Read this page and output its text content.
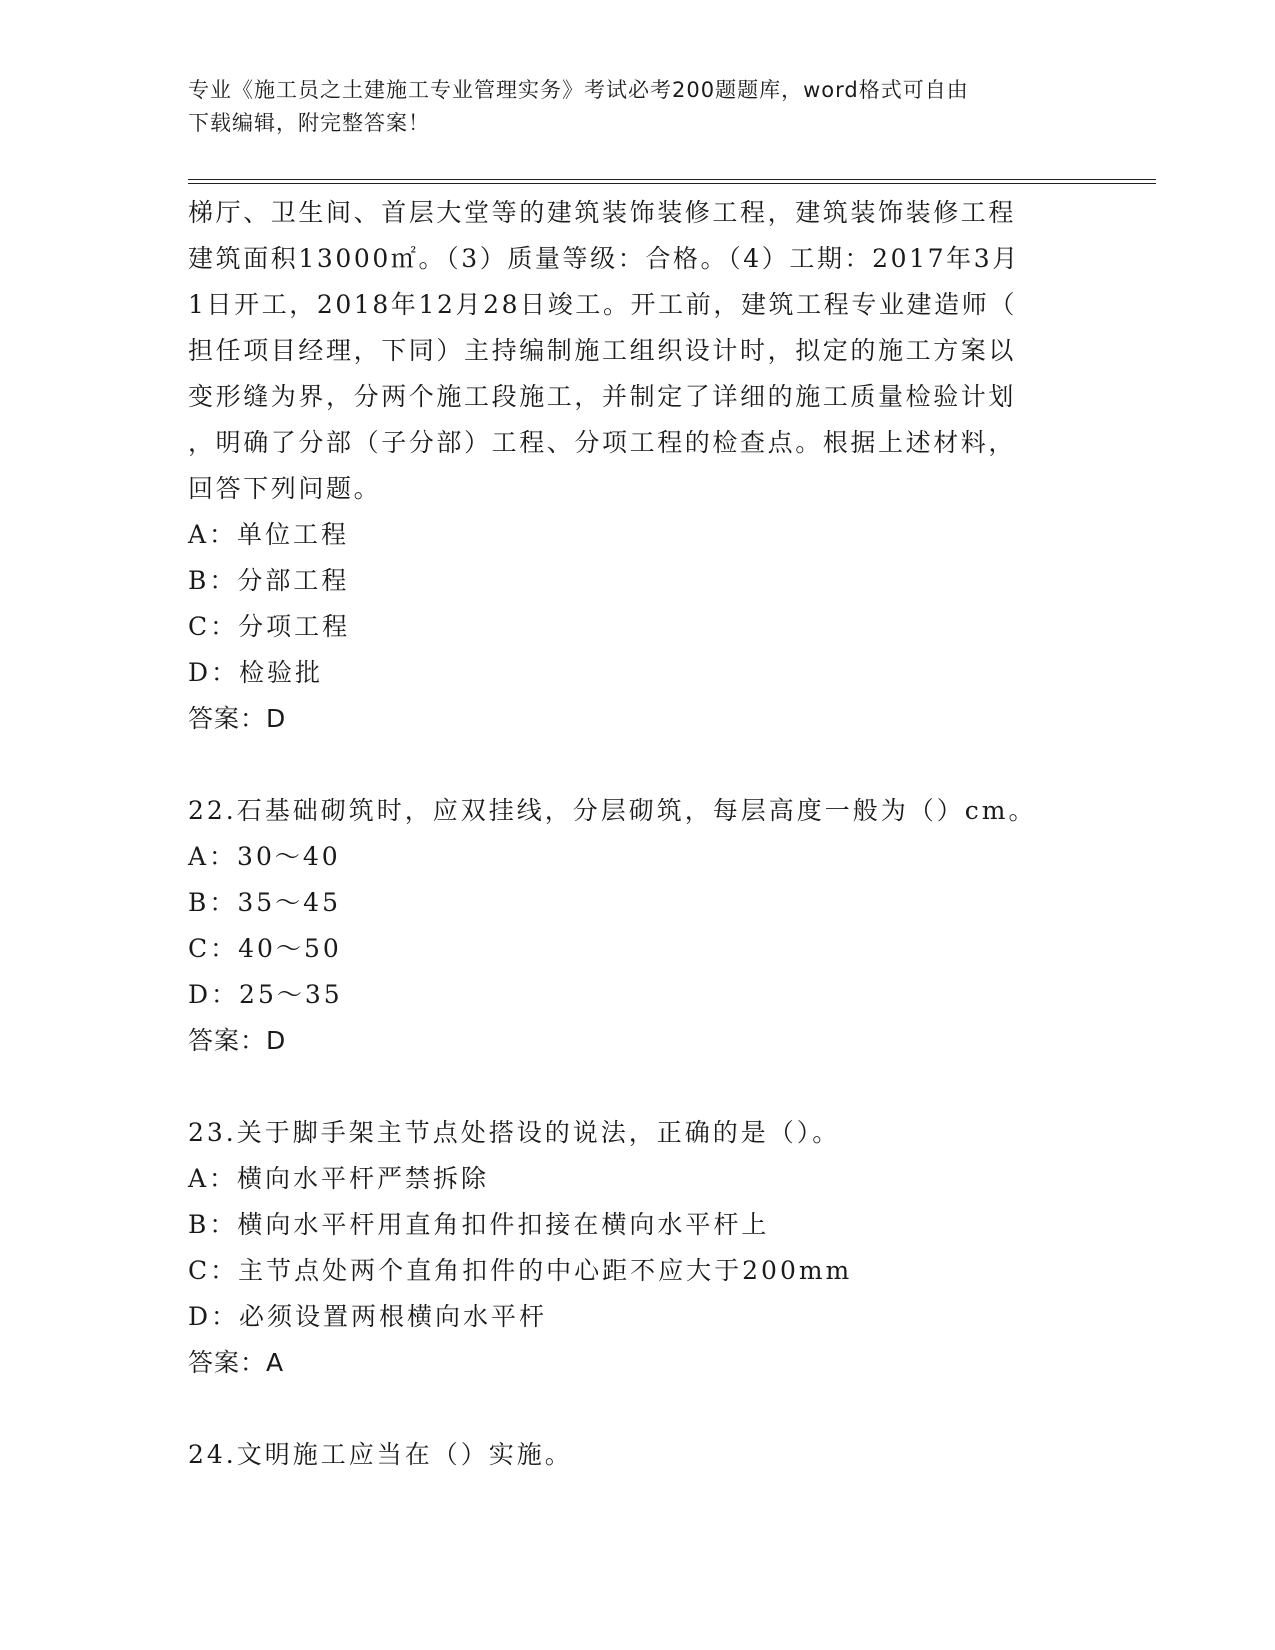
专业《施工员之土建施工专业管理实务》考试必考200题题库，word格式可自由
下载编辑，附完整答案！
梯厅、卫生间、首层大堂等的建筑装饰装修工程，建筑装饰装修工程
建筑面积13000㎡。（3）质量等级：合格。（4）工期：2017年3月
1日开工，2018年12月28日竣工。开工前，建筑工程专业建造师（
担任项目经理，下同）主持编制施工组织设计时，拟定的施工方案以
变形缝为界，分两个施工段施工，并制定了详细的施工质量检验计划
，明确了分部（子分部）工程、分项工程的检查点。根据上述材料，
回答下列问题。
A：单位工程
B：分部工程
C：分项工程
D：检验批
答案：D
22.石基础砌筑时，应双挂线，分层砌筑，每层高度一般为（）cm。
A：30～40
B：35～45
C：40～50
D：25～35
答案：D
23.关于脚手架主节点处搭设的说法，正确的是（）。
A：横向水平杆严禁拆除
B：横向水平杆用直角扣件扣接在横向水平杆上
C：主节点处两个直角扣件的中心距不应大于200mm
D：必须设置两根横向水平杆
答案：A
24.文明施工应当在（）实施。
